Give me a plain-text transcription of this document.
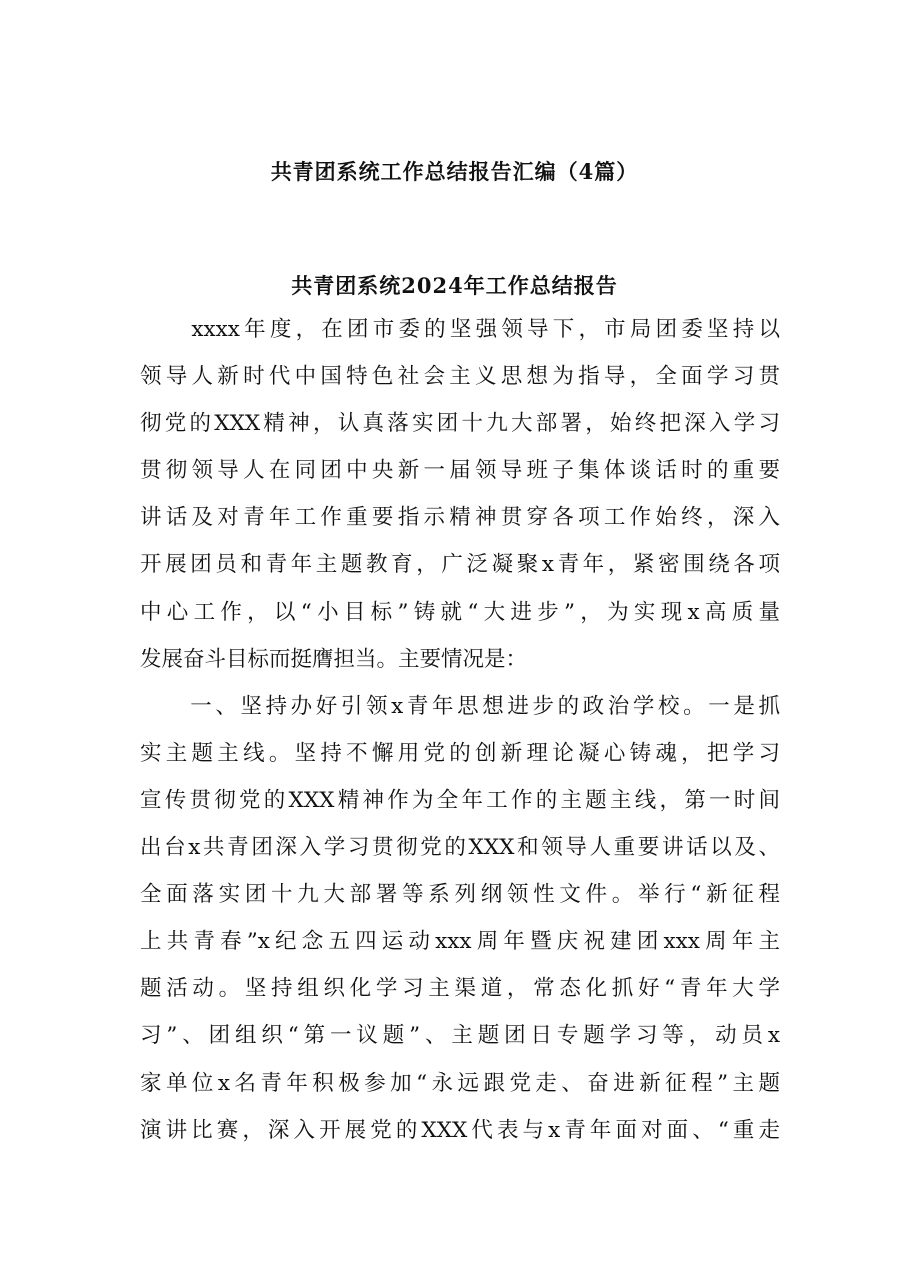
共青团系统工作总结报告汇编（4篇）
共青团系统2024年工作总结报告
　　xxxx年度，在团市委的坚强领导下，市局团委坚持以
领导人新时代中国特色社会主义思想为指导，全面学习贯
彻党的XXX精神，认真落实团十九大部署，始终把深入学习
贯彻领导人在同团中央新一届领导班子集体谈话时的重要
讲话及对青年工作重要指示精神贯穿各项工作始终，深入
开展团员和青年主题教育，广泛凝聚x青年，紧密围绕各项
中心工作，以“小目标”铸就“大进步”，为实现x高质量
发展奋斗目标而挺膺担当。主要情况是：
　　一、坚持办好引领x青年思想进步的政治学校。一是抓
实主题主线。坚持不懈用党的创新理论凝心铸魂，把学习
宣传贯彻党的XXX精神作为全年工作的主题主线，第一时间
出台x共青团深入学习贯彻党的XXX和领导人重要讲话以及、
全面落实团十九大部署等系列纲领性文件。举行“新征程
上共青春”x纪念五四运动xxx周年暨庆祝建团xxx周年主
题活动。坚持组织化学习主渠道，常态化抓好“青年大学
习”、团组织“第一议题”、主题团日专题学习等，动员x
家单位x名青年积极参加“永远跟党走、奋进新征程”主题
演讲比赛，深入开展党的XXX代表与x青年面对面、“重走
